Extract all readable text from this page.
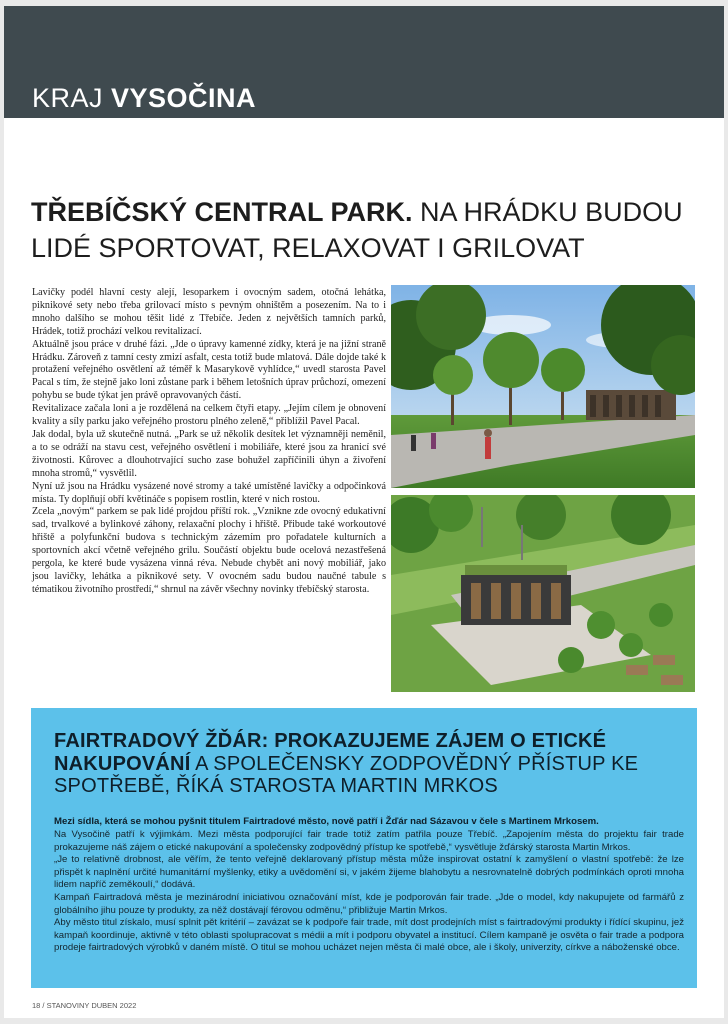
KRAJ VYSOČINA
TŘEBÍČSKÝ CENTRAL PARK. NA HRÁDKU BUDOU LIDÉ SPORTOVAT, RELAXOVAT I GRILOVAT

Lavičky podél hlavní cesty alejí, lesoparkem i ovocným sadem, otočná lehátka, piknikové sety nebo třeba grilovací místo s pevným ohništěm a posezením. Na to i mnoho dalšího se mohou těšit lidé z Třebíče. Jeden z největších tamních parků, Hrádek, totiž prochází velkou revitalizací.

Aktuálně jsou práce v druhé fázi. „Jde o úpravy kamenné zídky, která je na jižní straně Hrádku. Zároveň z tamní cesty zmizí asfalt, cesta totiž bude mlatová. Dále dojde také k protažení veřejného osvětlení až téměř k Masarykově vyhlídce,“ uvedl starosta Pavel Pacal s tím, že stejně jako loni zůstane park i během letošních úprav průchozí, omezení pohybu se bude týkat jen právě opravovaných částí.

Revitalizace začala loni a je rozdělená na celkem čtyři etapy. „Jejím cílem je obnovení kvality a síly parku jako veřejného prostoru plného zeleně,“ přiblížil Pavel Pacal.

Jak dodal, byla už skutečně nutná. „Park se už několik desítek let významněji neměnil, a to se odráží na stavu cest, veřejného osvětlení i mobiliáře, které jsou za hranicí své životnosti. Kůrovec a dlouhotrvající sucho zase bohužel zapříčinili úhyn a živoření mnoha stromů,“ vysvětlil.

Nyní už jsou na Hrádku vysázené nové stromy a také umístěné lavičky a odpočinková místa. Ty doplňují obří květináče s popisem rostlin, které v nich rostou.

Zcela „novým“ parkem se pak lidé projdou příští rok. „Vznikne zde ovocný edukativní sad, trvalkové a bylinkové záhony, relaxační plochy i hřiště. Přibude také workoutové hřiště a polyfunkční budova s technickým zázemím pro pořadatele kulturních a sportovních akcí včetně veřejného grilu. Součástí objektu bude ocelová nezastřešená pergola, ke které bude vysázena vinná réva. Nebude chybět ani nový mobiliář, jako jsou lavičky, lehátka a piknikové sety. V ovocném sadu budou naučné tabule s tématikou životního prostředí,“ shrnul na závěr všechny novinky třebíčský starosta.

FAIRTRADOVÝ ŽĎÁR: PROKAZUJEME ZÁJEM O ETICKÉ NAKUPOVÁNÍ A SPOLEČENSKY ZODPOVĚDNÝ PŘÍSTUP KE SPOTŘEBĚ, ŘÍKÁ STAROSTA MARTIN MRKOS

Mezi sídla, která se mohou pyšnit titulem Fairtradové město, nově patří i Žďár nad Sázavou v čele s Martinem Mrkosem.

Na Vysočině patří k výjimkám. Mezi města podporující fair trade totiž zatím patřila pouze Třebíč. „Zapojením města do projektu fair trade prokazujeme náš zájem o etické nakupování a společensky zodpovědný přístup ke spotřebě,“ vysvětluje žďárský starosta Martin Mrkos.

„Je to relativně drobnost, ale věřím, že tento veřejně deklarovaný přístup města může inspirovat ostatní k zamyšlení o vlastní spotřebě: že lze přispět k naplnění určité humanitární myšlenky, etiky a uvědomění si, v jakém žijeme blahobytu a nesrovnatelně dobrých podmínkách oproti mnoha lidem napříč zeměkoulí,“ dodává.

Kampaň Fairtradová města je mezinárodní iniciativou označování míst, kde je podporován fair trade. „Jde o model, kdy nakupujete od farmářů z globálního jihu pouze ty produkty, za něž dostávají férovou odměnu,“ přibližuje Martin Mrkos.

Aby město titul získalo, musí splnit pět kritérií – zavázat se k podpoře fair trade, mít dost prodejních míst s fairtradovými produkty i řídící skupinu, jež kampaň koordinuje, aktivně v této oblasti spolupracovat s médii a mít i podporu obyvatel a institucí. Cílem kampaně je osvěta o fair trade a podpora prodeje fairtradových výrobků v daném místě. O titul se mohou ucházet nejen města či malé obce, ale i školy, univerzity, církve a náboženské obce.

18 / STANOVINY DUBEN 2022
